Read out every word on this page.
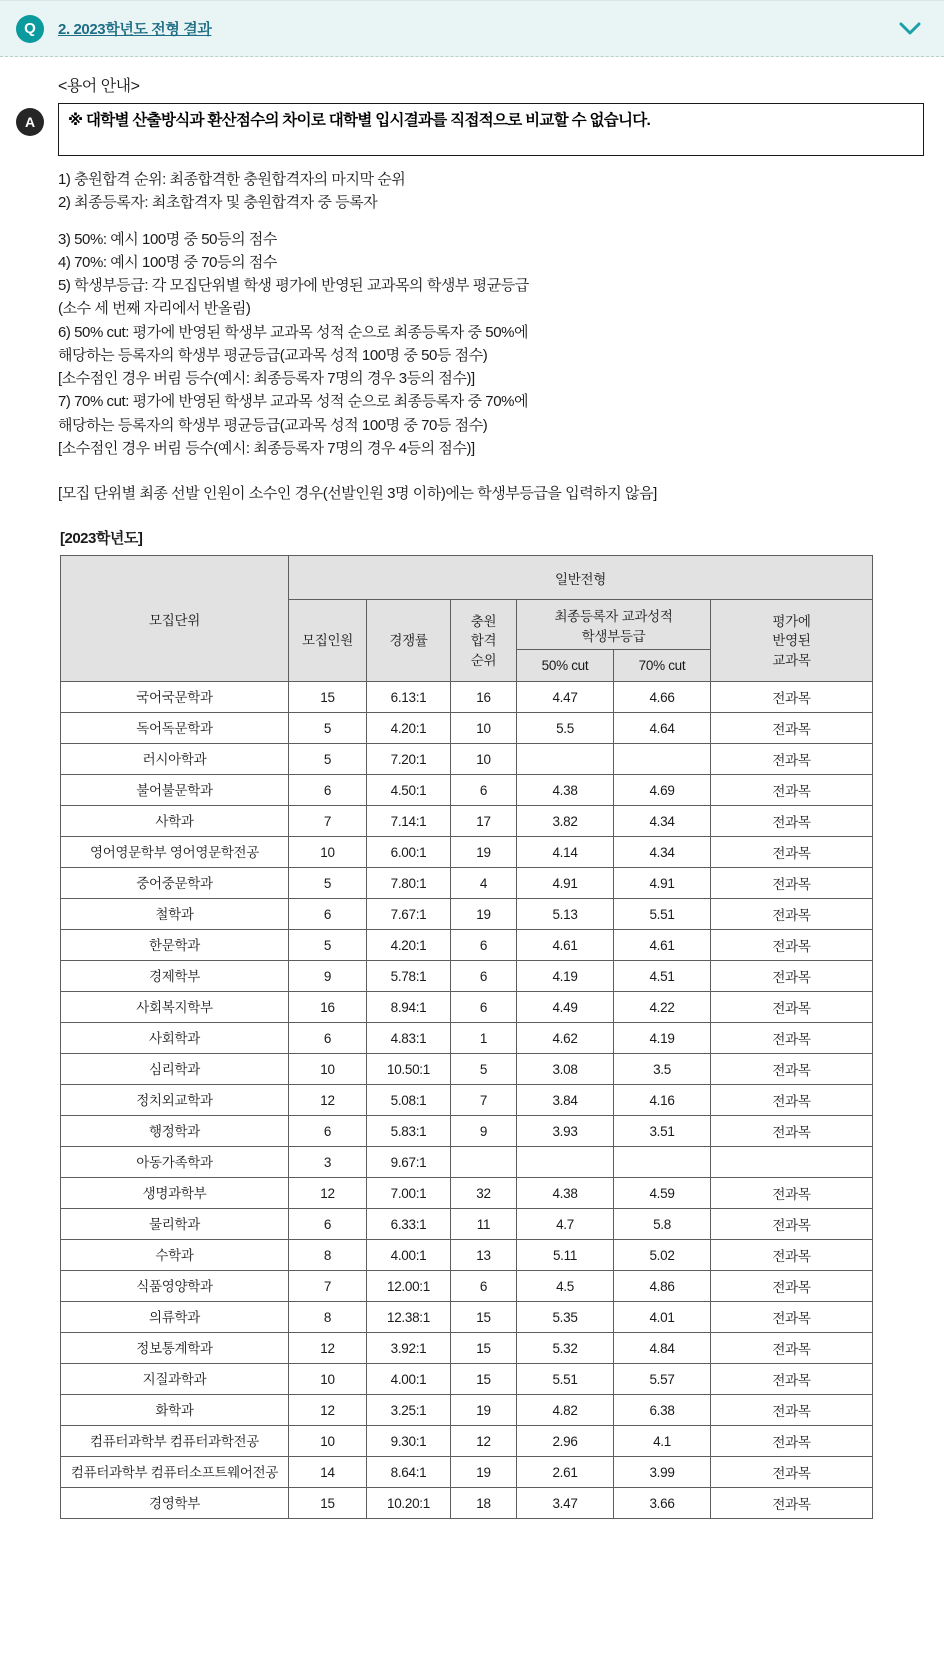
Q	2. 2023학년도 전형 결과
A
<용어 안내>
※ 대학별 산출방식과 환산점수의 차이로 대학별 입시결과를 직접적으로 비교할 수 없습니다.
1) 충원합격 순위: 최종합격한 충원합격자의 마지막 순위
2) 최종등록자: 최초합격자 및 충원합격자 중 등록자
3) 50%: 예시 100명 중 50등의 점수
4) 70%: 예시 100명 중 70등의 점수
5) 학생부등급: 각 모집단위별 학생 평가에 반영된 교과목의 학생부 평균등급
(소수 세 번째 자리에서 반올림)
6) 50% cut: 평가에 반영된 학생부 교과목 성적 순으로 최종등록자 중 50%에
해당하는 등록자의 학생부 평균등급(교과목 성적 100명 중 50등 점수)
[소수점인 경우 버림 등수(예시: 최종등록자 7명의 경우 3등의 점수)]
7) 70% cut: 평가에 반영된 학생부 교과목 성적 순으로 최종등록자 중 70%에
해당하는 등록자의 학생부 평균등급(교과목 성적 100명 중 70등 점수)
[소수점인 경우 버림 등수(예시: 최종등록자 7명의 경우 4등의 점수)]
[모집 단위별 최종 선발 인원이 소수인 경우(선발인원 3명 이하)에는 학생부등급을 입력하지 않음]
[2023학년도]
모집단위	일반전형					
	모집인원	경쟁률	충원
합격
순위	최종등록자 교과성적
학생부등급		평가에
반영된
교과목
				50% cut	70% cut	
국어국문학과	15	6.13:1	16	4.47	4.66	전과목
독어독문학과	5	4.20:1	10	5.5	4.64	전과목
러시아학과	5	7.20:1	10			전과목
불어불문학과	6	4.50:1	6	4.38	4.69	전과목
사학과	7	7.14:1	17	3.82	4.34	전과목
영어영문학부 영어영문학전공	10	6.00:1	19	4.14	4.34	전과목
중어중문학과	5	7.80:1	4	4.91	4.91	전과목
철학과	6	7.67:1	19	5.13	5.51	전과목
한문학과	5	4.20:1	6	4.61	4.61	전과목
경제학부	9	5.78:1	6	4.19	4.51	전과목
사회복지학부	16	8.94:1	6	4.49	4.22	전과목
사회학과	6	4.83:1	1	4.62	4.19	전과목
심리학과	10	10.50:1	5	3.08	3.5	전과목
정치외교학과	12	5.08:1	7	3.84	4.16	전과목
행정학과	6	5.83:1	9	3.93	3.51	전과목
아동가족학과	3	9.67:1				
생명과학부	12	7.00:1	32	4.38	4.59	전과목
물리학과	6	6.33:1	11	4.7	5.8	전과목
수학과	8	4.00:1	13	5.11	5.02	전과목
식품영양학과	7	12.00:1	6	4.5	4.86	전과목
의류학과	8	12.38:1	15	5.35	4.01	전과목
정보통계학과	12	3.92:1	15	5.32	4.84	전과목
지질과학과	10	4.00:1	15	5.51	5.57	전과목
화학과	12	3.25:1	19	4.82	6.38	전과목
컴퓨터과학부 컴퓨터과학전공	10	9.30:1	12	2.96	4.1	전과목
컴퓨터과학부 컴퓨터소프트웨어전공	14	8.64:1	19	2.61	3.99	전과목
경영학부	15	10.20:1	18	3.47	3.66	전과목
